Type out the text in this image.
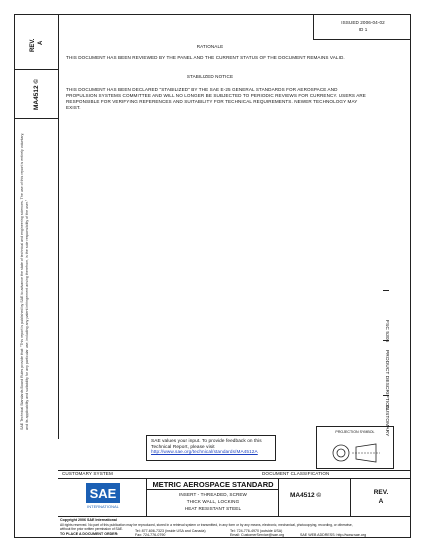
REV. A
MA4512 ©
SAE Technical Standards Board Rules provide that: "This report is published by SAE to advance the state of technical and engineering sciences. The use of this report is entirely voluntary, and its applicability and suitability for any particular use, including any patent infringement arising therefrom, is the sole responsibility of the user."
ISSUED 2006-04-02
ID 1
RATIONALE
THIS DOCUMENT HAS BEEN REVIEWED BY THE PANEL AND THE CURRENT STATUS OF THE DOCUMENT REMAINS VALID.
STABILIZED NOTICE
THIS DOCUMENT HAS BEEN DECLARED "STABILIZED" BY THE SAE E-25 GENERAL STANDARDS FOR AEROSPACE AND PROPULSION SYSTEMS COMMITTEE AND WILL NO LONGER BE SUBJECTED TO PERIODIC REVIEWS FOR CURRENCY. USERS ARE RESPONSIBLE FOR VERIFYING REFERENCES AND SUITABILITY FOR TECHNICAL REQUIREMENTS. NEWER TECHNOLOGY MAY EXIST.
FSC 5305
PRODUCT DESCRIPTION
CUSTOMARY
SAE values your input. To provide feedback on this Technical Report, please visit
http://www.sae.org/technical/standards/MA4512A
PROJECTION SYMBOL
CUSTOMARY SYSTEM	DOCUMENT CLASSIFICATION
SAE
INTERNATIONAL
METRIC AEROSPACE STANDARD
INSERT - THREADED, SCREW
THICK WALL, LOCKING
HEAT RESISTANT STEEL
MA4512 ©	REV.
A
Copyright 2006 SAE International
All rights reserved. No part of this publication may be reproduced, stored in a retrieval system or transmitted, in any form or by any means, electronic, mechanical, photocopying, recording, or otherwise, without the prior written permission of SAE.
TO PLACE A DOCUMENT ORDER:
Tel: 877-606-7323 (inside USA and Canada)	Tel: 724-776-4970 (outside USA)
Fax: 724-776-0790	Email: CustomerService@sae.org	SAE WEB ADDRESS: http://www.sae.org
